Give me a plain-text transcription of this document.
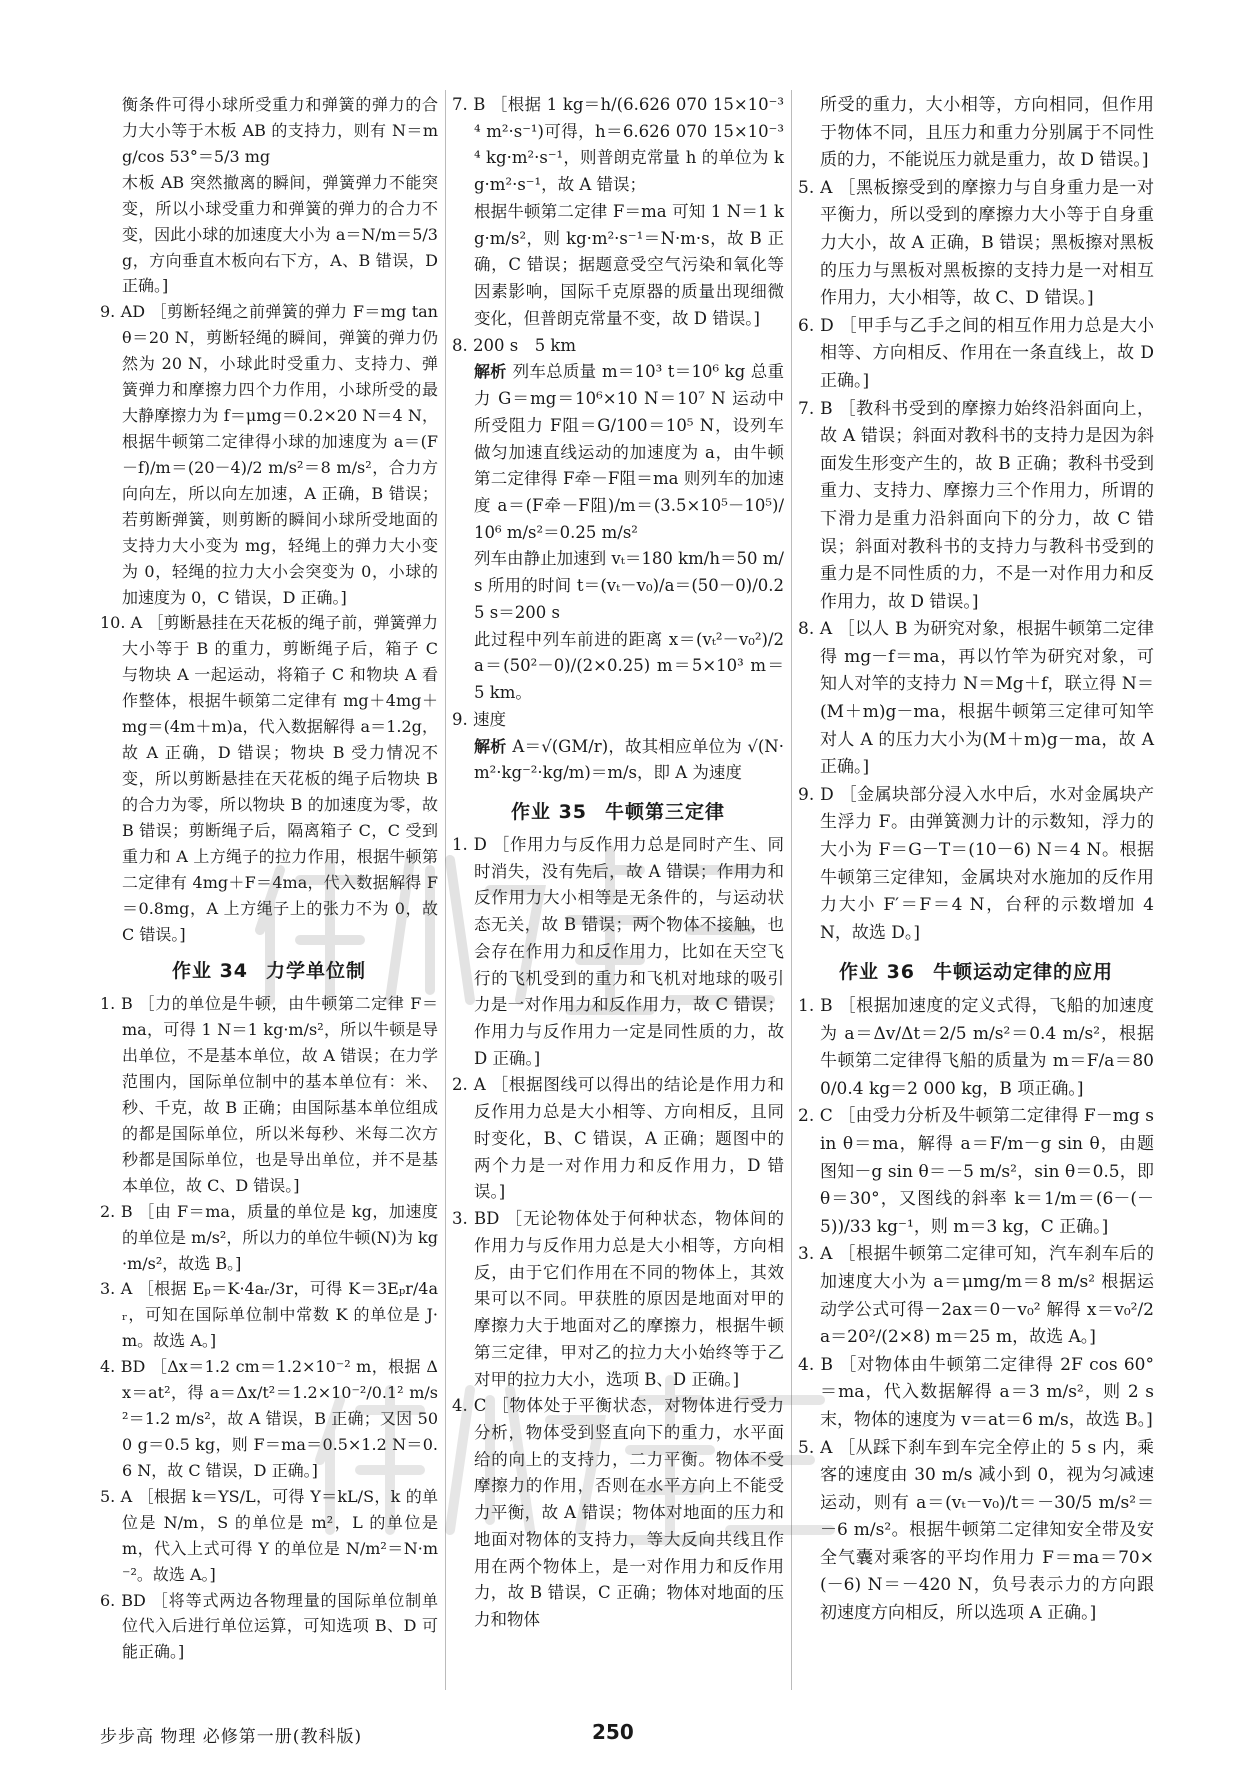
衡条件可得小球所受重力和弹簧的弹力的合力大小等于木板 AB 的支持力，则有 N＝mg/cos 53°＝5/3 mg

木板 AB 突然撤离的瞬间，弹簧弹力不能突变，所以小球受重力和弹簧的弹力的合力不变，因此小球的加速度大小为 a＝N/m＝5/3 g，方向垂直木板向右下方，A、B 错误，D 正确。]

9. AD ［剪断轻绳之前弹簧的弹力 F＝mg tan θ＝20 N，剪断轻绳的瞬间，弹簧的弹力仍然为 20 N，小球此时受重力、支持力、弹簧弹力和摩擦力四个力作用，小球所受的最大静摩擦力为 f＝μmg＝0.2×20 N＝4 N，根据牛顿第二定律得小球的加速度为 a＝(F－f)/m＝(20－4)/2 m/s²＝8 m/s²，合力方向向左，所以向左加速，A 正确，B 错误；若剪断弹簧，则剪断的瞬间小球所受地面的支持力大小变为 mg，轻绳上的弹力大小变为 0，轻绳的拉力大小会突变为 0，小球的加速度为 0，C 错误，D 正确。]

10. A ［剪断悬挂在天花板的绳子前，弹簧弹力大小等于 B 的重力，剪断绳子后，箱子 C 与物块 A 一起运动，将箱子 C 和物块 A 看作整体，根据牛顿第二定律有 mg＋4mg＋mg＝(4m＋m)a，代入数据解得 a＝1.2g，故 A 正确，D 错误；物块 B 受力情况不变，所以剪断悬挂在天花板的绳子后物块 B 的合力为零，所以物块 B 的加速度为零，故 B 错误；剪断绳子后，隔离箱子 C，C 受到重力和 A 上方绳子的拉力作用，根据牛顿第二定律有 4mg＋F＝4ma，代入数据解得 F＝0.8mg，A 上方绳子上的张力不为 0，故 C 错误。]

作业 34 力学单位制

1. B ［力的单位是牛顿，由牛顿第二定律 F＝ma，可得 1 N＝1 kg·m/s²，所以牛顿是导出单位，不是基本单位，故 A 错误；在力学范围内，国际单位制中的基本单位有：米、秒、千克，故 B 正确；由国际基本单位组成的都是国际单位，所以米每秒、米每二次方秒都是国际单位，也是导出单位，并不是基本单位，故 C、D 错误。]

2. B ［由 F＝ma，质量的单位是 kg，加速度的单位是 m/s²，所以力的单位牛顿(N)为 kg·m/s²，故选 B。]

3. A ［根据 Eₚ＝K·4aᵣ/3r，可得 K＝3Eₚr/4aᵣ，可知在国际单位制中常数 K 的单位是 J·m。故选 A。]

4. BD ［Δx＝1.2 cm＝1.2×10⁻² m，根据 Δx＝at²，得 a＝Δx/t²＝1.2×10⁻²/0.1² m/s²＝1.2 m/s²，故 A 错误，B 正确；又因 500 g＝0.5 kg，则 F＝ma＝0.5×1.2 N＝0.6 N，故 C 错误，D 正确。]

5. A ［根据 k＝YS/L，可得 Y＝kL/S，k 的单位是 N/m，S 的单位是 m²，L 的单位是 m，代入上式可得 Y 的单位是 N/m²＝N·m⁻²。故选 A。]

6. BD ［将等式两边各物理量的国际单位制单位代入后进行单位运算，可知选项 B、D 可能正确。]

7. B ［根据 1 kg＝h/(6.626 070 15×10⁻³⁴ m²·s⁻¹)可得，h＝6.626 070 15×10⁻³⁴ kg·m²·s⁻¹，则普朗克常量 h 的单位为 kg·m²·s⁻¹，故 A 错误；

根据牛顿第二定律 F＝ma 可知 1 N＝1 kg·m/s²，则 kg·m²·s⁻¹＝N·m·s，故 B 正确，C 错误；据题意受空气污染和氧化等因素影响，国际千克原器的质量出现细微变化，但普朗克常量不变，故 D 错误。]

8. 200 s　5 km

解析 列车总质量 m＝10³ t＝10⁶ kg 总重力 G＝mg＝10⁶×10 N＝10⁷ N 运动中所受阻力 F阻＝G/100＝10⁵ N，设列车做匀加速直线运动的加速度为 a，由牛顿第二定律得 F牵－F阻＝ma 则列车的加速度 a＝(F牵－F阻)/m＝(3.5×10⁵－10⁵)/10⁶ m/s²＝0.25 m/s²

列车由静止加速到 vₜ＝180 km/h＝50 m/s 所用的时间 t＝(vₜ－v₀)/a＝(50－0)/0.25 s＝200 s

此过程中列车前进的距离 x＝(vₜ²－v₀²)/2a＝(50²－0)/(2×0.25) m＝5×10³ m＝5 km。

9. 速度

解析 A＝√(GM/r)，故其相应单位为 √(N·m²·kg⁻²·kg/m)＝m/s，即 A 为速度

作业 35 牛顿第三定律

1. D ［作用力与反作用力总是同时产生、同时消失，没有先后，故 A 错误；作用力和反作用力大小相等是无条件的，与运动状态无关，故 B 错误；两个物体不接触，也会存在作用力和反作用力，比如在天空飞行的飞机受到的重力和飞机对地球的吸引力是一对作用力和反作用力，故 C 错误；作用力与反作用力一定是同性质的力，故 D 正确。]

2. A ［根据图线可以得出的结论是作用力和反作用力总是大小相等、方向相反，且同时变化，B、C 错误，A 正确；题图中的两个力是一对作用力和反作用力，D 错误。]

3. BD ［无论物体处于何种状态，物体间的作用力与反作用力总是大小相等，方向相反，由于它们作用在不同的物体上，其效果可以不同。甲获胜的原因是地面对甲的摩擦力大于地面对乙的摩擦力，根据牛顿第三定律，甲对乙的拉力大小始终等于乙对甲的拉力大小，选项 B、D 正确。]

4. C ［物体处于平衡状态，对物体进行受力分析，物体受到竖直向下的重力，水平面给的向上的支持力，二力平衡。物体不受摩擦力的作用，否则在水平方向上不能受力平衡，故 A 错误；物体对地面的压力和地面对物体的支持力，等大反向共线且作用在两个物体上，是一对作用力和反作用力，故 B 错误，C 正确；物体对地面的压力和物体

所受的重力，大小相等，方向相同，但作用于物体不同，且压力和重力分别属于不同性质的力，不能说压力就是重力，故 D 错误。]

5. A ［黑板擦受到的摩擦力与自身重力是一对平衡力，所以受到的摩擦力大小等于自身重力大小，故 A 正确，B 错误；黑板擦对黑板的压力与黑板对黑板擦的支持力是一对相互作用力，大小相等，故 C、D 错误。]

6. D ［甲手与乙手之间的相互作用力总是大小相等、方向相反、作用在一条直线上，故 D 正确。]

7. B ［教科书受到的摩擦力始终沿斜面向上，故 A 错误；斜面对教科书的支持力是因为斜面发生形变产生的，故 B 正确；教科书受到重力、支持力、摩擦力三个作用力，所谓的下滑力是重力沿斜面向下的分力，故 C 错误；斜面对教科书的支持力与教科书受到的重力是不同性质的力，不是一对作用力和反作用力，故 D 错误。]

8. A ［以人 B 为研究对象，根据牛顿第二定律得 mg－f＝ma，再以竹竿为研究对象，可知人对竿的支持力 N＝Mg＋f，联立得 N＝(M＋m)g－ma，根据牛顿第三定律可知竿对人 A 的压力大小为(M＋m)g－ma，故 A 正确。]

9. D ［金属块部分浸入水中后，水对金属块产生浮力 F。由弹簧测力计的示数知，浮力的大小为 F＝G－T＝(10－6) N＝4 N。根据牛顿第三定律知，金属块对水施加的反作用力大小 F′＝F＝4 N，台秤的示数增加 4 N，故选 D。]

作业 36 牛顿运动定律的应用

1. B ［根据加速度的定义式得，飞船的加速度为 a＝Δv/Δt＝2/5 m/s²＝0.4 m/s²，根据牛顿第二定律得飞船的质量为 m＝F/a＝800/0.4 kg＝2 000 kg，B 项正确。]

2. C ［由受力分析及牛顿第二定律得 F－mg sin θ＝ma，解得 a＝F/m－g sin θ，由题图知－g sin θ＝－5 m/s²，sin θ＝0.5，即 θ＝30°，又图线的斜率 k＝1/m＝(6－(－5))/33 kg⁻¹，则 m＝3 kg，C 正确。]

3. A ［根据牛顿第二定律可知，汽车刹车后的加速度大小为 a＝μmg/m＝8 m/s² 根据运动学公式可得－2ax＝0－v₀² 解得 x＝v₀²/2a＝20²/(2×8) m＝25 m，故选 A。]

4. B ［对物体由牛顿第二定律得 2F cos 60°＝ma，代入数据解得 a＝3 m/s²，则 2 s 末，物体的速度为 v＝at＝6 m/s，故选 B。]

5. A ［从踩下刹车到车完全停止的 5 s 内，乘客的速度由 30 m/s 减小到 0，视为匀减速运动，则有 a＝(vₜ－v₀)/t＝－30/5 m/s²＝－6 m/s²。根据牛顿第二定律知安全带及安全气囊对乘客的平均作用力 F＝ma＝70×(－6) N＝－420 N，负号表示力的方向跟初速度方向相反，所以选项 A 正确。]

步步高 物理 必修第一册(教科版)	250
